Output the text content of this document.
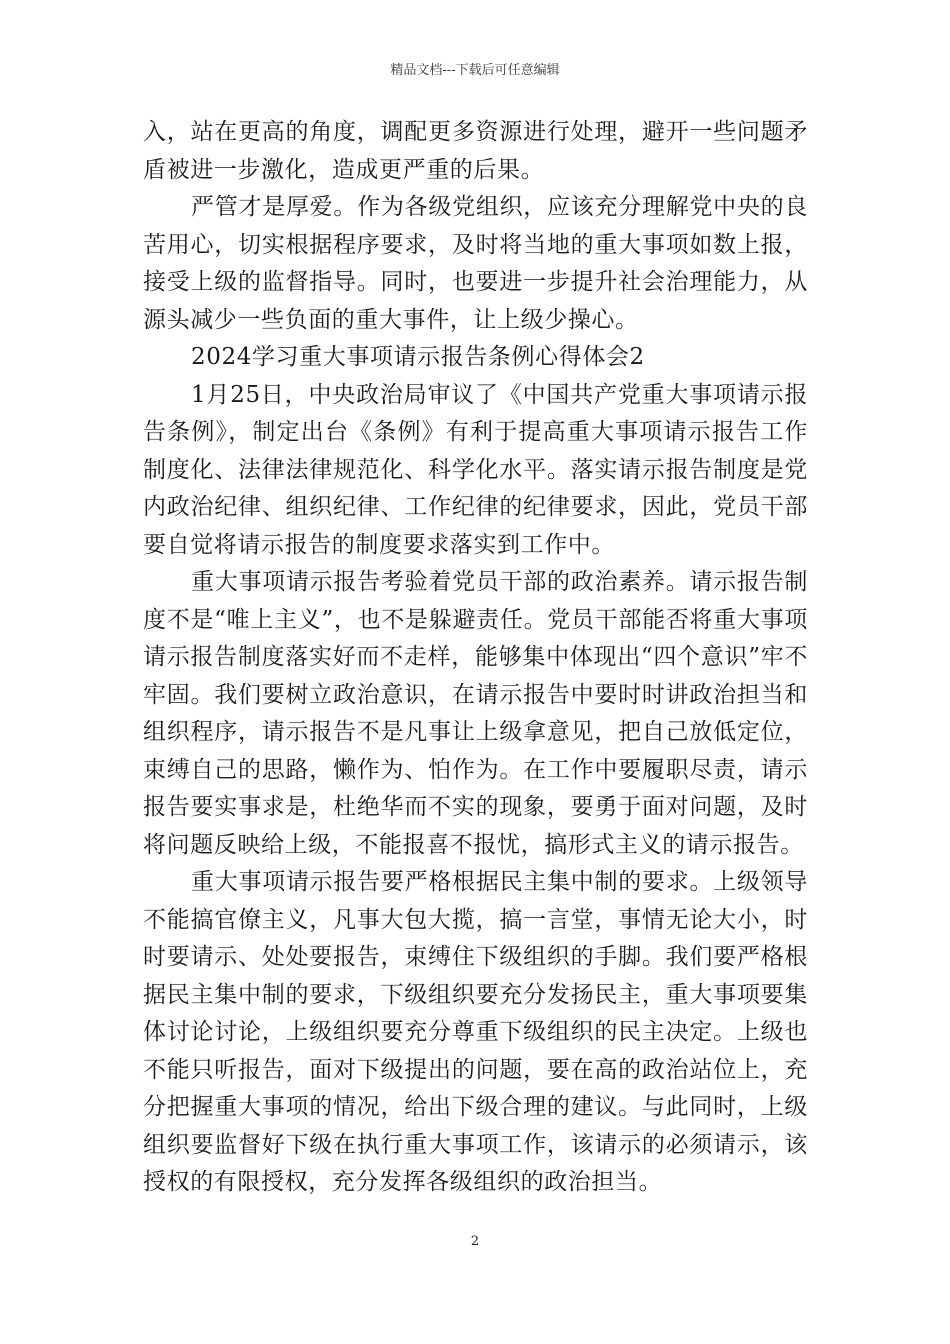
精品文档---下载后可任意编辑

入，站在更高的角度，调配更多资源进行处理，避开一些问题矛盾被进一步激化，造成更严重的后果。

严管才是厚爱。作为各级党组织，应该充分理解党中央的良苦用心，切实根据程序要求，及时将当地的重大事项如数上报，接受上级的监督指导。同时，也要进一步提升社会治理能力，从源头减少一些负面的重大事件，让上级少操心。

2024学习重大事项请示报告条例心得体会2

1月25日，中央政治局审议了《中国共产党重大事项请示报告条例》，制定出台《条例》有利于提高重大事项请示报告工作制度化、法律法律规范化、科学化水平。落实请示报告制度是党内政治纪律、组织纪律、工作纪律的纪律要求，因此，党员干部要自觉将请示报告的制度要求落实到工作中。

重大事项请示报告考验着党员干部的政治素养。请示报告制度不是“唯上主义”，也不是躲避责任。党员干部能否将重大事项请示报告制度落实好而不走样，能够集中体现出“四个意识”牢不牢固。我们要树立政治意识，在请示报告中要时时讲政治担当和组织程序，请示报告不是凡事让上级拿意见，把自己放低定位，束缚自己的思路，懒作为、怕作为。在工作中要履职尽责，请示报告要实事求是，杜绝华而不实的现象，要勇于面对问题，及时将问题反映给上级，不能报喜不报忧，搞形式主义的请示报告。

重大事项请示报告要严格根据民主集中制的要求。上级领导不能搞官僚主义，凡事大包大揽，搞一言堂，事情无论大小，时时要请示、处处要报告，束缚住下级组织的手脚。我们要严格根据民主集中制的要求，下级组织要充分发扬民主，重大事项要集体讨论讨论，上级组织要充分尊重下级组织的民主决定。上级也不能只听报告，面对下级提出的问题，要在高的政治站位上，充分把握重大事项的情况，给出下级合理的建议。与此同时，上级组织要监督好下级在执行重大事项工作，该请示的必须请示，该授权的有限授权，充分发挥各级组织的政治担当。

2
